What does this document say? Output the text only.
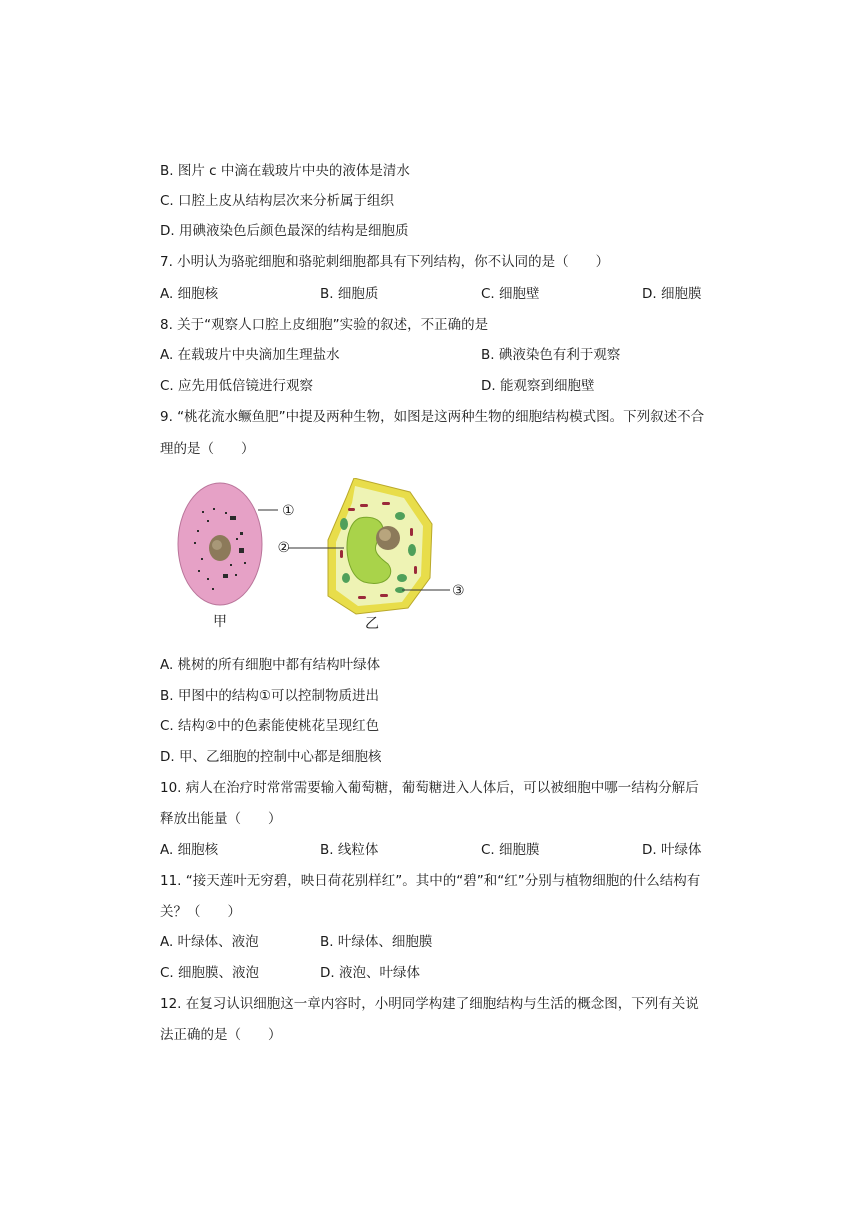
B. 图片 c 中滴在载玻片中央的液体是清水
C. 口腔上皮从结构层次来分析属于组织
D. 用碘液染色后颜色最深的结构是细胞质
7. 小明认为骆驼细胞和骆驼刺细胞都具有下列结构，你不认同的是（　　）
A. 细胞核	B. 细胞质	C. 细胞壁	D. 细胞膜
8. 关于“观察人口腔上皮细胞”实验的叙述，不正确的是
A. 在载玻片中央滴加生理盐水	B. 碘液染色有利于观察
C. 应先用低倍镜进行观察	D. 能观察到细胞壁
9. “桃花流水鳜鱼肥”中提及两种生物，如图是这两种生物的细胞结构模式图。下列叙述不合
理的是（　　）
①
②
③
甲	乙
A. 桃树的所有细胞中都有结构叶绿体
B. 甲图中的结构①可以控制物质进出
C. 结构②中的色素能使桃花呈现红色
D. 甲、乙细胞的控制中心都是细胞核
10. 病人在治疗时常常需要输入葡萄糖，葡萄糖进入人体后，可以被细胞中哪一结构分解后
释放出能量（　　）
A. 细胞核	B. 线粒体	C. 细胞膜	D. 叶绿体
11. “接天莲叶无穷碧，映日荷花别样红”。其中的“碧”和“红”分别与植物细胞的什么结构有
关？（　　）
A. 叶绿体、液泡	B. 叶绿体、细胞膜
C. 细胞膜、液泡	D. 液泡、叶绿体
12. 在复习认识细胞这一章内容时，小明同学构建了细胞结构与生活的概念图，下列有关说
法正确的是（　　）
